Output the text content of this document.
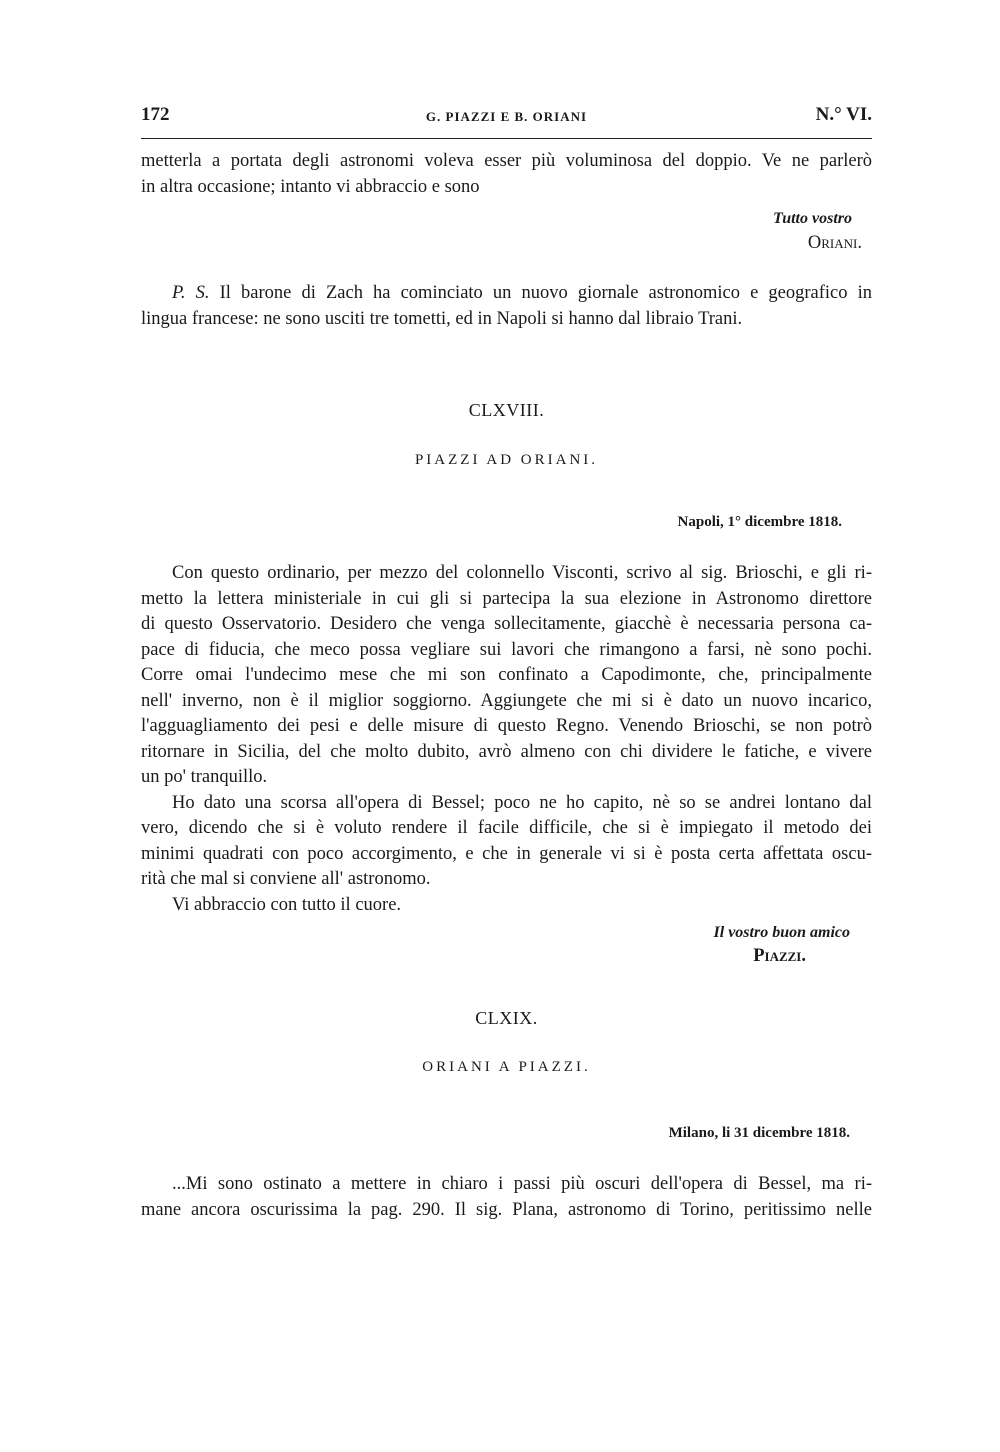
172	G. PIAZZI E B. ORIANI	N.° VI.
metterla a portata degli astronomi voleva esser più voluminosa del doppio. Ve ne parlerò
in altra occasione; intanto vi abbraccio e sono
Tutto vostro
Oriani.
P. S. Il barone di Zach ha cominciato un nuovo giornale astronomico e geografico in
lingua francese: ne sono usciti tre tometti, ed in Napoli si hanno dal libraio Trani.
CLXVIII.
PIAZZI AD ORIANI.
Napoli, 1° dicembre 1818.
Con questo ordinario, per mezzo del colonnello Visconti, scrivo al sig. Brioschi, e gli ri-
metto la lettera ministeriale in cui gli si partecipa la sua elezione in Astronomo direttore
di questo Osservatorio. Desidero che venga sollecitamente, giacchè è necessaria persona ca-
pace di fiducia, che meco possa vegliare sui lavori che rimangono a farsi, nè sono pochi.
Corre omai l'undecimo mese che mi son confinato a Capodimonte, che, principalmente
nell' inverno, non è il miglior soggiorno. Aggiungete che mi si è dato un nuovo incarico,
l'agguagliamento dei pesi e delle misure di questo Regno. Venendo Brioschi, se non potrò
ritornare in Sicilia, del che molto dubito, avrò almeno con chi dividere le fatiche, e vivere
un po' tranquillo.
Ho dato una scorsa all'opera di Bessel; poco ne ho capito, nè so se andrei lontano dal
vero, dicendo che si è voluto rendere il facile difficile, che si è impiegato il metodo dei
minimi quadrati con poco accorgimento, e che in generale vi si è posta certa affettata oscu-
rità che mal si conviene all' astronomo.
Vi abbraccio con tutto il cuore.
Il vostro buon amico
Piazzi.
CLXIX.
ORIANI A PIAZZI.
Milano, li 31 dicembre 1818.
...Mi sono ostinato a mettere in chiaro i passi più oscuri dell'opera di Bessel, ma ri-
mane ancora oscurissima la pag. 290. Il sig. Plana, astronomo di Torino, peritissimo nelle
